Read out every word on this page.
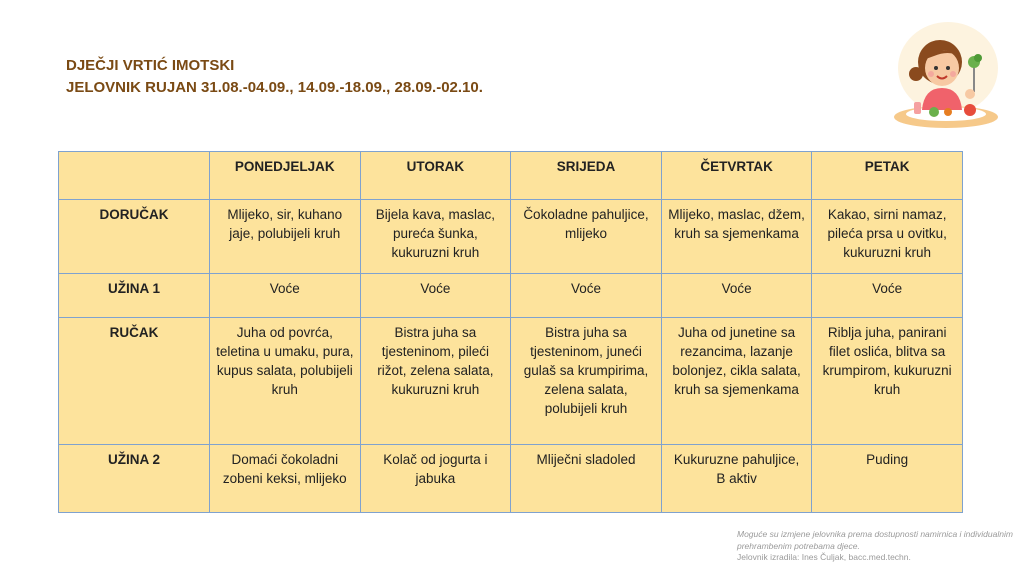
DJEČJI VRTIĆ IMOTSKI
JELOVNIK RUJAN 31.08.-04.09., 14.09.-18.09., 28.09.-02.10.
	PONEDJELJAK	UTORAK	SRIJEDA	ČETVRTAK	PETAK
DORUČAK	Mlijeko, sir, kuhano jaje, polubijeli kruh	Bijela kava, maslac, pureća šunka, kukuruzni kruh	Čokoladne pahuljice, mlijeko	Mlijeko, maslac, džem, kruh sa sjemenkama	Kakao, sirni namaz, pileća prsa u ovitku, kukuruzni kruh
UŽINA 1	Voće	Voće	Voće	Voće	Voće
RUČAK	Juha od povrća, teletina u umaku, pura, kupus salata, polubijeli kruh	Bistra juha sa tjesteninom, pileći rižot, zelena salata, kukuruzni kruh	Bistra juha sa tjesteninom, juneći gulaš sa krumpirima, zelena salata, polubijeli kruh	Juha od junetine sa rezancima, lazanje bolonjez, cikla salata, kruh sa sjemenkama	Riblja juha, panirani filet oslića, blitva sa krumpirom, kukuruzni kruh
UŽINA 2	Domaći čokoladni zobeni keksi, mlijeko	Kolač od jogurta i jabuka	Mliječni sladoled	Kukuruzne pahuljice, B aktiv	Puding
Moguće su izmjene jelovnika prema dostupnosti namirnica i individualnim prehrambenim potrebama djece.
Jelovnik izradila: Ines Čuljak, bacc.med.techn.
